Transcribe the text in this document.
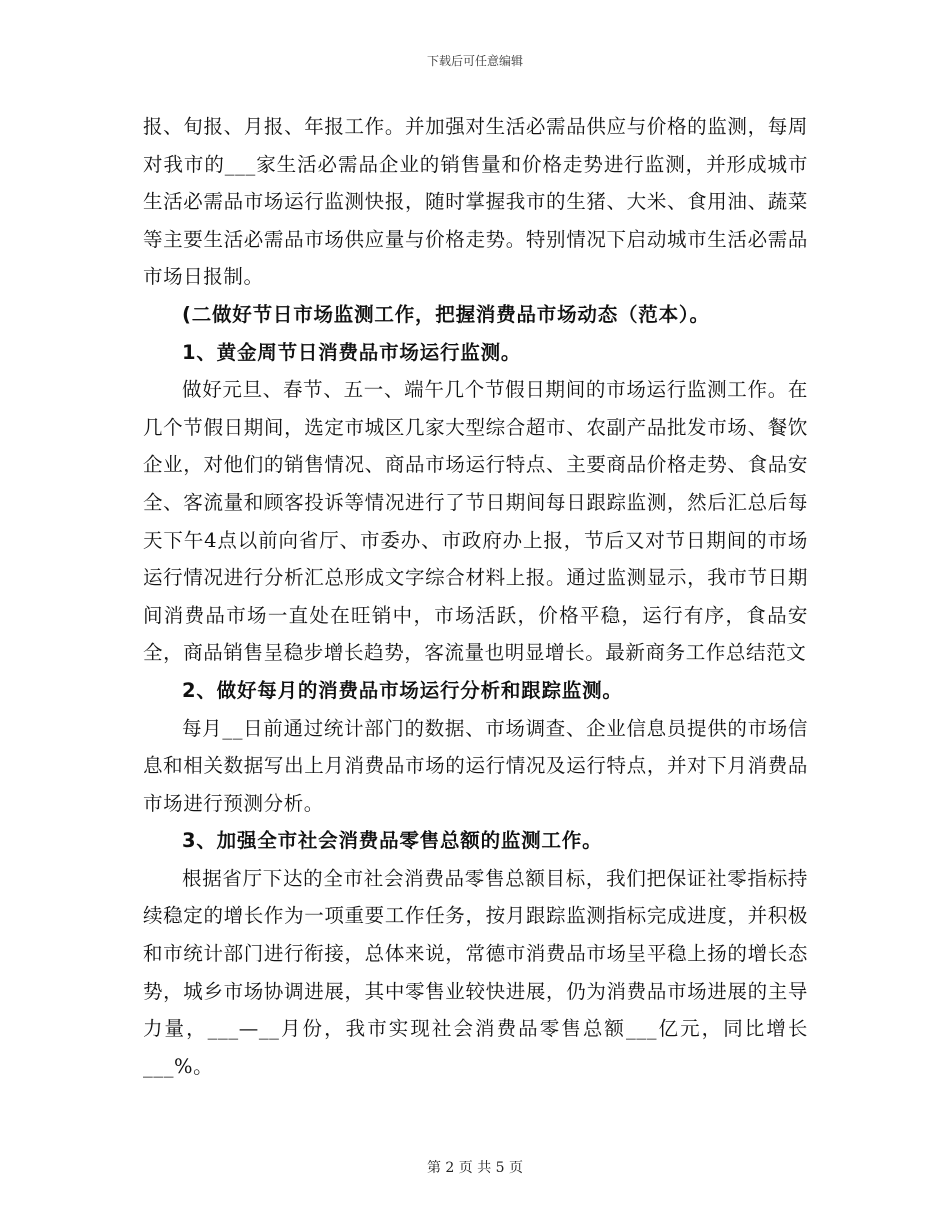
下载后可任意编辑

报、旬报、月报、年报工作。并加强对生活必需品供应与价格的监测，每周对我市的___家生活必需品企业的销售量和价格走势进行监测，并形成城市生活必需品市场运行监测快报，随时掌握我市的生猪、大米、食用油、蔬菜等主要生活必需品市场供应量与价格走势。特别情况下启动城市生活必需品市场日报制。

(二做好节日市场监测工作，把握消费品市场动态（范本）。

1、黄金周节日消费品市场运行监测。

做好元旦、春节、五一、端午几个节假日期间的市场运行监测工作。在几个节假日期间，选定市城区几家大型综合超市、农副产品批发市场、餐饮企业，对他们的销售情况、商品市场运行特点、主要商品价格走势、食品安全、客流量和顾客投诉等情况进行了节日期间每日跟踪监测，然后汇总后每天下午4点以前向省厅、市委办、市政府办上报，节后又对节日期间的市场运行情况进行分析汇总形成文字综合材料上报。通过监测显示，我市节日期间消费品市场一直处在旺销中，市场活跃，价格平稳，运行有序，食品安全，商品销售呈稳步增长趋势，客流量也明显增长。最新商务工作总结范文

2、做好每月的消费品市场运行分析和跟踪监测。

每月__日前通过统计部门的数据、市场调查、企业信息员提供的市场信息和相关数据写出上月消费品市场的运行情况及运行特点，并对下月消费品市场进行预测分析。

3、加强全市社会消费品零售总额的监测工作。

根据省厅下达的全市社会消费品零售总额目标，我们把保证社零指标持续稳定的增长作为一项重要工作任务，按月跟踪监测指标完成进度，并积极和市统计部门进行衔接，总体来说，常德市消费品市场呈平稳上扬的增长态势，城乡市场协调进展，其中零售业较快进展，仍为消费品市场进展的主导力量，___—__月份，我市实现社会消费品零售总额___亿元，同比增长___%。

第 2 页 共 5 页
